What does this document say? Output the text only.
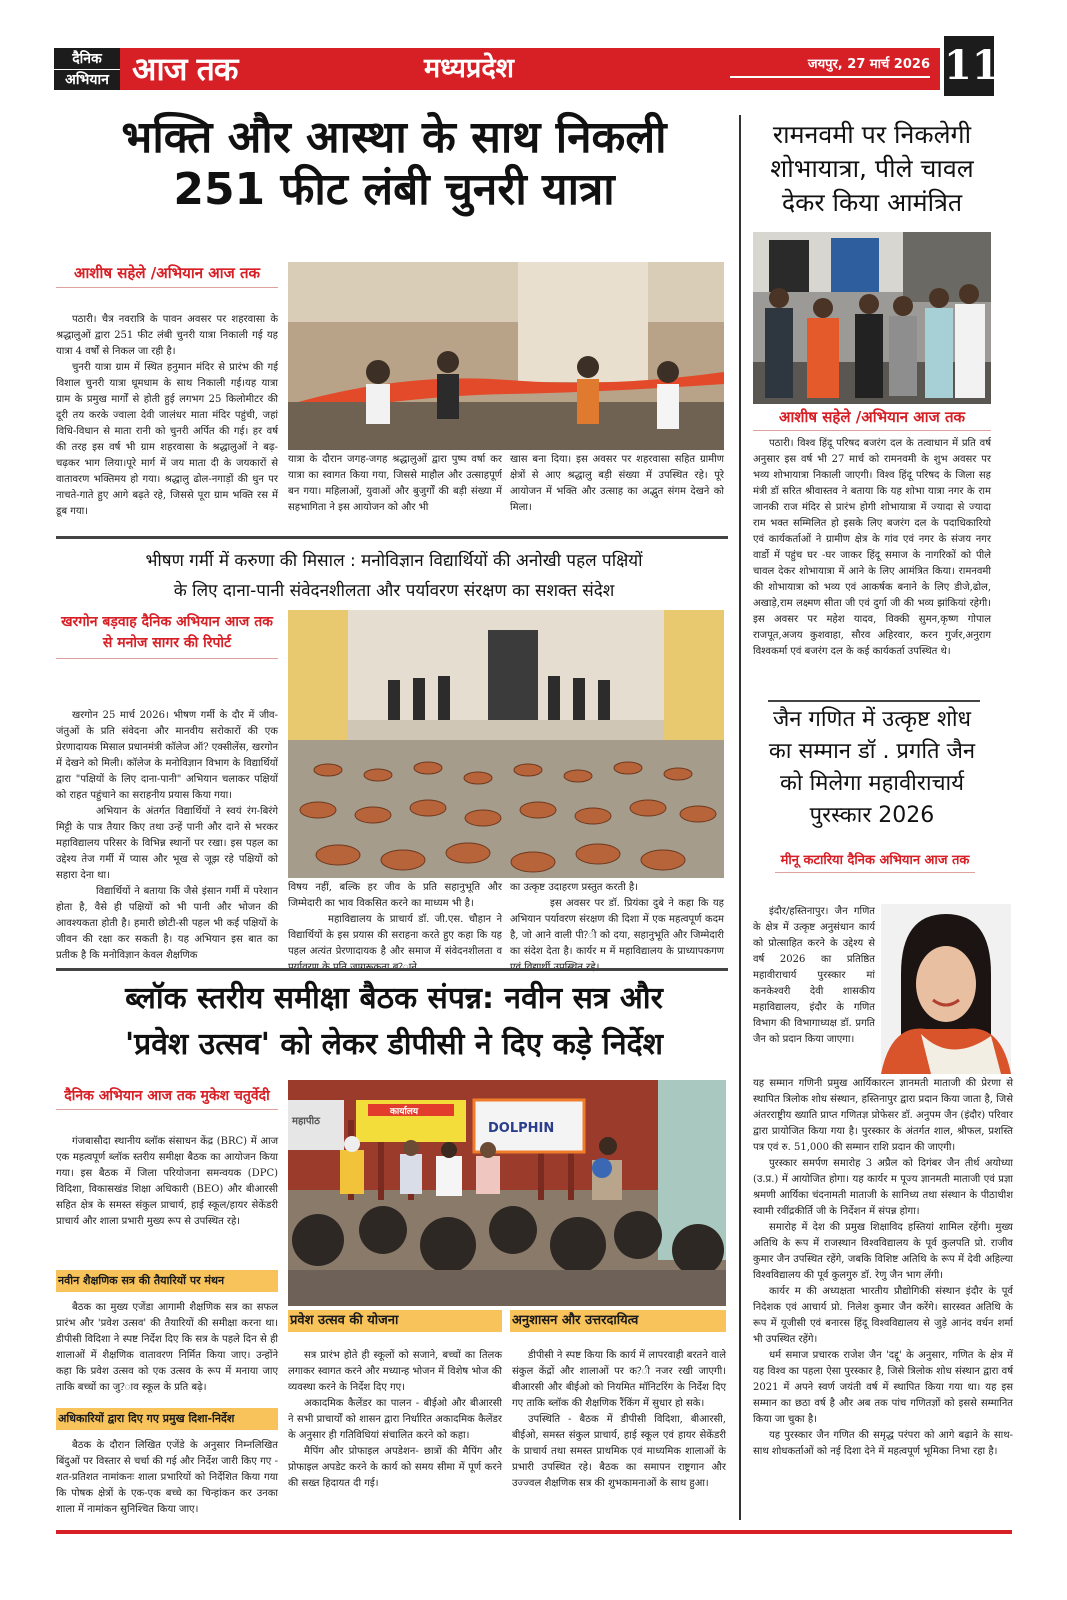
दैनिक
अभियान आज तक	मध्यप्रदेश	जयपुर, 27 मार्च 2026 11
भक्ति और आस्था के साथ निकली
251 फीट लंबी चुनरी यात्रा
आशीष सहेले /अभियान आज तक

पठारी। चैत्र नवरात्रि के पावन अवसर पर शहरवासा के श्रद्धालुओं द्वारा 251 फीट लंबी चुनरी यात्रा निकाली गई यह यात्रा 4 वर्षों से निकल जा रही है।

चुनरी यात्रा ग्राम में स्थित हनुमान मंदिर से प्रारंभ की गई विशाल चुनरी यात्रा धूमधाम के साथ निकाली गई।यह यात्रा ग्राम के प्रमुख मार्गों से होती हुई लगभग 25 किलोमीटर की दूरी तय करके ज्वाला देवी जालंधर माता मंदिर पहुंची, जहां विधि-विधान से माता रानी को चुनरी अर्पित की गई। हर वर्ष की तरह इस वर्ष भी ग्राम शहरवासा के श्रद्धालुओं ने बढ़-चढ़कर भाग लिया।पूरे मार्ग में जय माता दी के जयकारों से वातावरण भक्तिमय हो गया। श्रद्धालु ढोल-नगाड़ों की धुन पर नाचते-गाते हुए आगे बढ़ते रहे, जिससे पूरा ग्राम भक्ति रस में डूब गया।

यात्रा के दौरान जगह-जगह श्रद्धालुओं द्वारा पुष्प वर्षा कर यात्रा का स्वागत किया गया, जिससे माहौल और उत्साहपूर्ण बन गया। महिलाओं, युवाओं और बुजुर्गों की बड़ी संख्या में सहभागिता ने इस आयोजन को और भी

खास बना दिया। इस अवसर पर शहरवासा सहित ग्रामीण क्षेत्रों से आए श्रद्धालु बड़ी संख्या में उपस्थित रहे। पूरे आयोजन में भक्ति और उत्साह का अद्भुत संगम देखने को मिला।

भीषण गर्मी में करुणा की मिसाल : मनोविज्ञान विद्यार्थियों की अनोखी पहल पक्षियों
के लिए दाना-पानी संवेदनशीलता और पर्यावरण संरक्षण का सशक्त संदेश
खरगोन बड़वाह दैनिक अभियान आज तक से मनोज सागर की रिपोर्ट

खरगोन 25 मार्च 2026। भीषण गर्मी के दौर में जीव-जंतुओं के प्रति संवेदना और मानवीय सरोकारों की एक प्रेरणादायक मिसाल प्रधानमंत्री कॉलेज ऑ? एक्सीलेंस, खरगोन में देखने को मिली। कॉलेज के मनोविज्ञान विभाग के विद्यार्थियों द्वारा "पक्षियों के लिए दाना-पानी" अभियान चलाकर पक्षियों को राहत पहुंचाने का सराहनीय प्रयास किया गया।

अभियान के अंतर्गत विद्यार्थियों ने स्वयं रंग-बिरंगे मिट्टी के पात्र तैयार किए तथा उन्हें पानी और दाने से भरकर महाविद्यालय परिसर के विभिन्न स्थानों पर रखा। इस पहल का उद्देश्य तेज गर्मी में प्यास और भूख से जूझ रहे पक्षियों को सहारा देना था।

विद्यार्थियों ने बताया कि जैसे इंसान गर्मी में परेशान होता है, वैसे ही पक्षियों को भी पानी और भोजन की आवश्यकता होती है। हमारी छोटी-सी पहल भी कई पक्षियों के जीवन की रक्षा कर सकती है। यह अभियान इस बात का प्रतीक है कि मनोविज्ञान केवल शैक्षणिक

विषय नहीं, बल्कि हर जीव के प्रति सहानुभूति और जिम्मेदारी का भाव विकसित करने का माध्यम भी है।

महाविद्यालय के प्राचार्य डॉ. जी.एस. चौहान ने विद्यार्थियों के इस प्रयास की सराहना करते हुए कहा कि यह पहल अत्यंत प्रेरणादायक है और समाज में संवेदनशीलता व

का उत्कृष्ट उदाहरण प्रस्तुत करती है।

इस अवसर पर डॉ. प्रियंका दुबे ने कहा कि यह अभियान पर्यावरण संरक्षण की दिशा में एक महत्वपूर्ण कदम है, जो आने वाली पी?ी को दया, सहानुभूति और जिम्मेदारी का संदेश देता है। कार्यर म में महाविद्यालय के प्राध्यापकगण

ब्लॉक स्तरीय समीक्षा बैठक संपन्न: नवीन सत्र और
'प्रवेश उत्सव' को लेकर डीपीसी ने दिए कड़े निर्देश
दैनिक अभियान आज तक मुकेश चतुर्वेदी

गंजबासौदा स्थानीय ब्लॉक संसाधन केंद्र (BRC) में आज एक महत्वपूर्ण ब्लॉक स्तरीय समीक्षा बैठक का आयोजन किया गया। इस बैठक में जिला परियोजना समन्वयक (DPC) विदिशा, विकासखंड शिक्षा अधिकारी (BEO) और बीआरसी सहित क्षेत्र के समस्त संकुल प्राचार्य, हाई स्कूल/हायर सेकेंडरी प्राचार्य और शाला प्रभारी मुख्य रूप से उपस्थित रहे।

नवीन शैक्षणिक सत्र की तैयारियों पर मंथन

बैठक का मुख्य एजेंडा आगामी शैक्षणिक सत्र का सफल प्रारंभ और 'प्रवेश उत्सव' की तैयारियों की समीक्षा करना था। डीपीसी विदिशा ने स्पष्ट निर्देश दिए कि सत्र के पहले दिन से ही शालाओं में शैक्षणिक वातावरण निर्मित किया जाए। उन्होंने कहा कि प्रवेश उत्सव को एक उत्सव के रूप में मनाया जाए ताकि बच्चों का जु?ाव स्कूल के प्रति बढ़े।

अधिकारियों द्वारा दिए गए प्रमुख दिशा-निर्देश

बैठक के दौरान लिखित एजेंडे के अनुसार निम्नलिखित बिंदुओं पर विस्तार से चर्चा की गई और निर्देश जारी किए गए - शत-प्रतिशत नामांकनः शाला प्रभारियों को निर्देशित किया गया कि पोषक क्षेत्रों के एक-एक बच्चे का चिन्हांकन कर उनका शाला में नामांकन सुनिश्चित किया जाए।

महापीठ
कार्यालय
DOLPHIN
प्रवेश उत्सव की योजना

सत्र प्रारंभ होते ही स्कूलों को सजाने, बच्चों का तिलक लगाकर स्वागत करने और मध्यान्ह भोजन में विशेष भोज की व्यवस्था करने के निर्देश दिए गए।

अकादमिक कैलेंडर का पालन - बीईओ और बीआरसी ने सभी प्राचार्यों को शासन द्वारा निर्धारित अकादमिक कैलेंडर के अनुसार ही गतिविधियां संचालित करने को कहा।

मैपिंग और प्रोफाइल अपडेशन- छात्रों की मैपिंग और प्रोफाइल अपडेट करने के कार्य को समय सीमा में पूर्ण करने की सख्त हिदायत दी गई।

अनुशासन और उत्तरदायित्व

डीपीसी ने स्पष्ट किया कि कार्य में लापरवाही बरतने वाले संकुल केंद्रों और शालाओं पर क?ी नजर रखी जाएगी। बीआरसी और बीईओ को नियमित मॉनिटरिंग के निर्देश दिए गए ताकि ब्लॉक की शैक्षणिक रैंकिंग में सुधार हो सके।

उपस्थिति - बैठक में डीपीसी विदिशा, बीआरसी, बीईओ, समस्त संकुल प्राचार्य, हाई स्कूल एवं हायर सेकेंडरी के प्राचार्य तथा समस्त प्राथमिक एवं माध्यमिक शालाओं के प्रभारी उपस्थित रहे। बैठक का समापन राष्ट्रगान और उज्ज्वल शैक्षणिक सत्र की शुभकामनाओं के साथ हुआ।

रामनवमी पर निकलेगी
शोभायात्रा, पीले चावल
देकर किया आमंत्रित
आशीष सहेले /अभियान आज तक

पठारी। विश्व हिंदू परिषद बजरंग दल के तत्वाधान में प्रति वर्ष अनुसार इस वर्ष भी 27 मार्च को रामनवमी के शुभ अवसर पर भव्य शोभायात्रा निकाली जाएगी। विश्व हिंदू परिषद के जिला सह मंत्री डॉ सरित श्रीवास्तव ने बताया कि यह शोभा यात्रा नगर के राम जानकी राज मंदिर से प्रारंभ होगी शोभायात्रा में ज्यादा से ज्यादा राम भक्त सम्मिलित हो इसके लिए बजरंग दल के पदाधिकारियो एवं कार्यकर्ताओं ने ग्रामीण क्षेत्र के गांव एवं नगर के संजय नगर वार्डो में पहुंच घर -घर जाकर हिंदू समाज के नागरिकों को पीले चावल देकर शोभायात्रा में आने के लिए आमंत्रित किया। रामनवमी की शोभायात्रा को भव्य एवं आकर्षक बनाने के लिए डीजे,ढोल, अखाड़े,राम लक्ष्मण सीता जी एवं दुर्गा जी की भव्य झांकियां रहेगी। इस अवसर पर महेश यादव, विक्की सुमन,कृष्ण गोपाल राजपूत,अजय कुशवाहा, सौरव अहिरवार, करन गुर्जर,अनुराग विश्वकर्मा एवं बजरंग दल के कई कार्यकर्ता उपस्थित थे।

जैन गणित में उत्कृष्ट शोध
का सम्मान डॉ . प्रगति जैन
को मिलेगा महावीराचार्य
पुरस्कार 2026
मीनू कटारिया दैनिक अभियान आज तक

इंदौर/हस्तिनापुर। जैन गणित के क्षेत्र में उत्कृष्ट अनुसंधान कार्य को प्रोत्साहित करने के उद्देश्य से वर्ष 2026 का प्रतिष्ठित महावीराचार्य पुरस्कार मां कनकेश्वरी देवी शासकीय महाविद्यालय, इंदौर के गणित विभाग की विभागाध्यक्ष डॉ. प्रगति जैन को प्रदान किया जाएगा।

यह सम्मान गणिनी प्रमुख आर्यिकारत्न ज्ञानमती माताजी की प्रेरणा से स्थापित त्रिलोक शोध संस्थान, हस्तिनापुर द्वारा प्रदान किया जाता है, जिसे अंतरराष्ट्रीय ख्याति प्राप्त गणितज्ञ प्रोफेसर डॉ. अनुपम जैन (इंदौर) परिवार द्वारा प्रायोजित किया गया है। पुरस्कार के अंतर्गत शाल, श्रीफल, प्रशस्ति पत्र एवं रु. 51,000 की सम्मान राशि प्रदान की जाएगी।

पुरस्कार समर्पण समारोह 3 अप्रैल को दिगंबर जैन तीर्थ अयोध्या (उ.प्र.) में आयोजित होगा। यह कार्यर म पूज्य ज्ञानमती माताजी एवं प्रज्ञा श्रमणी आर्यिका चंदनामती माताजी के सानिध्य तथा संस्थान के पीठाधीश स्वामी रवींद्रकीर्ति जी के निर्देशन में संपन्न होगा।

समारोह में देश की प्रमुख शिक्षाविद हस्तियां शामिल रहेंगी। मुख्य अतिथि के रूप में राजस्थान विश्वविद्यालय के पूर्व कुलपति प्रो. राजीव कुमार जैन उपस्थित रहेंगे, जबकि विशिष्ट अतिथि के रूप में देवी अहिल्या विश्वविद्यालय की पूर्व कुलगुरु डॉ. रेणु जैन भाग लेंगी।

कार्यर म की अध्यक्षता भारतीय प्रौद्योगिकी संस्थान इंदौर के पूर्व निदेशक एवं आचार्य प्रो. निलेश कुमार जैन करेंगे। सारस्वत अतिथि के रूप में यूजीसी एवं बनारस हिंदू विश्वविद्यालय से जुड़े आनंद वर्धन शर्मा भी उपस्थित रहेंगे।

धर्म समाज प्रचारक राजेश जैन 'दद्दू' के अनुसार, गणित के क्षेत्र में यह विश्व का पहला ऐसा पुरस्कार है, जिसे त्रिलोक शोध संस्थान द्वारा वर्ष 2021 में अपने स्वर्ण जयंती वर्ष में स्थापित किया गया था। यह इस सम्मान का छठा वर्ष है और अब तक पांच गणितज्ञों को इससे सम्मानित किया जा चुका है।

यह पुरस्कार जैन गणित की समृद्ध परंपरा को आगे बढ़ाने के साथ-साथ शोधकर्ताओं को नई दिशा देने में महत्वपूर्ण भूमिका निभा रहा है।
